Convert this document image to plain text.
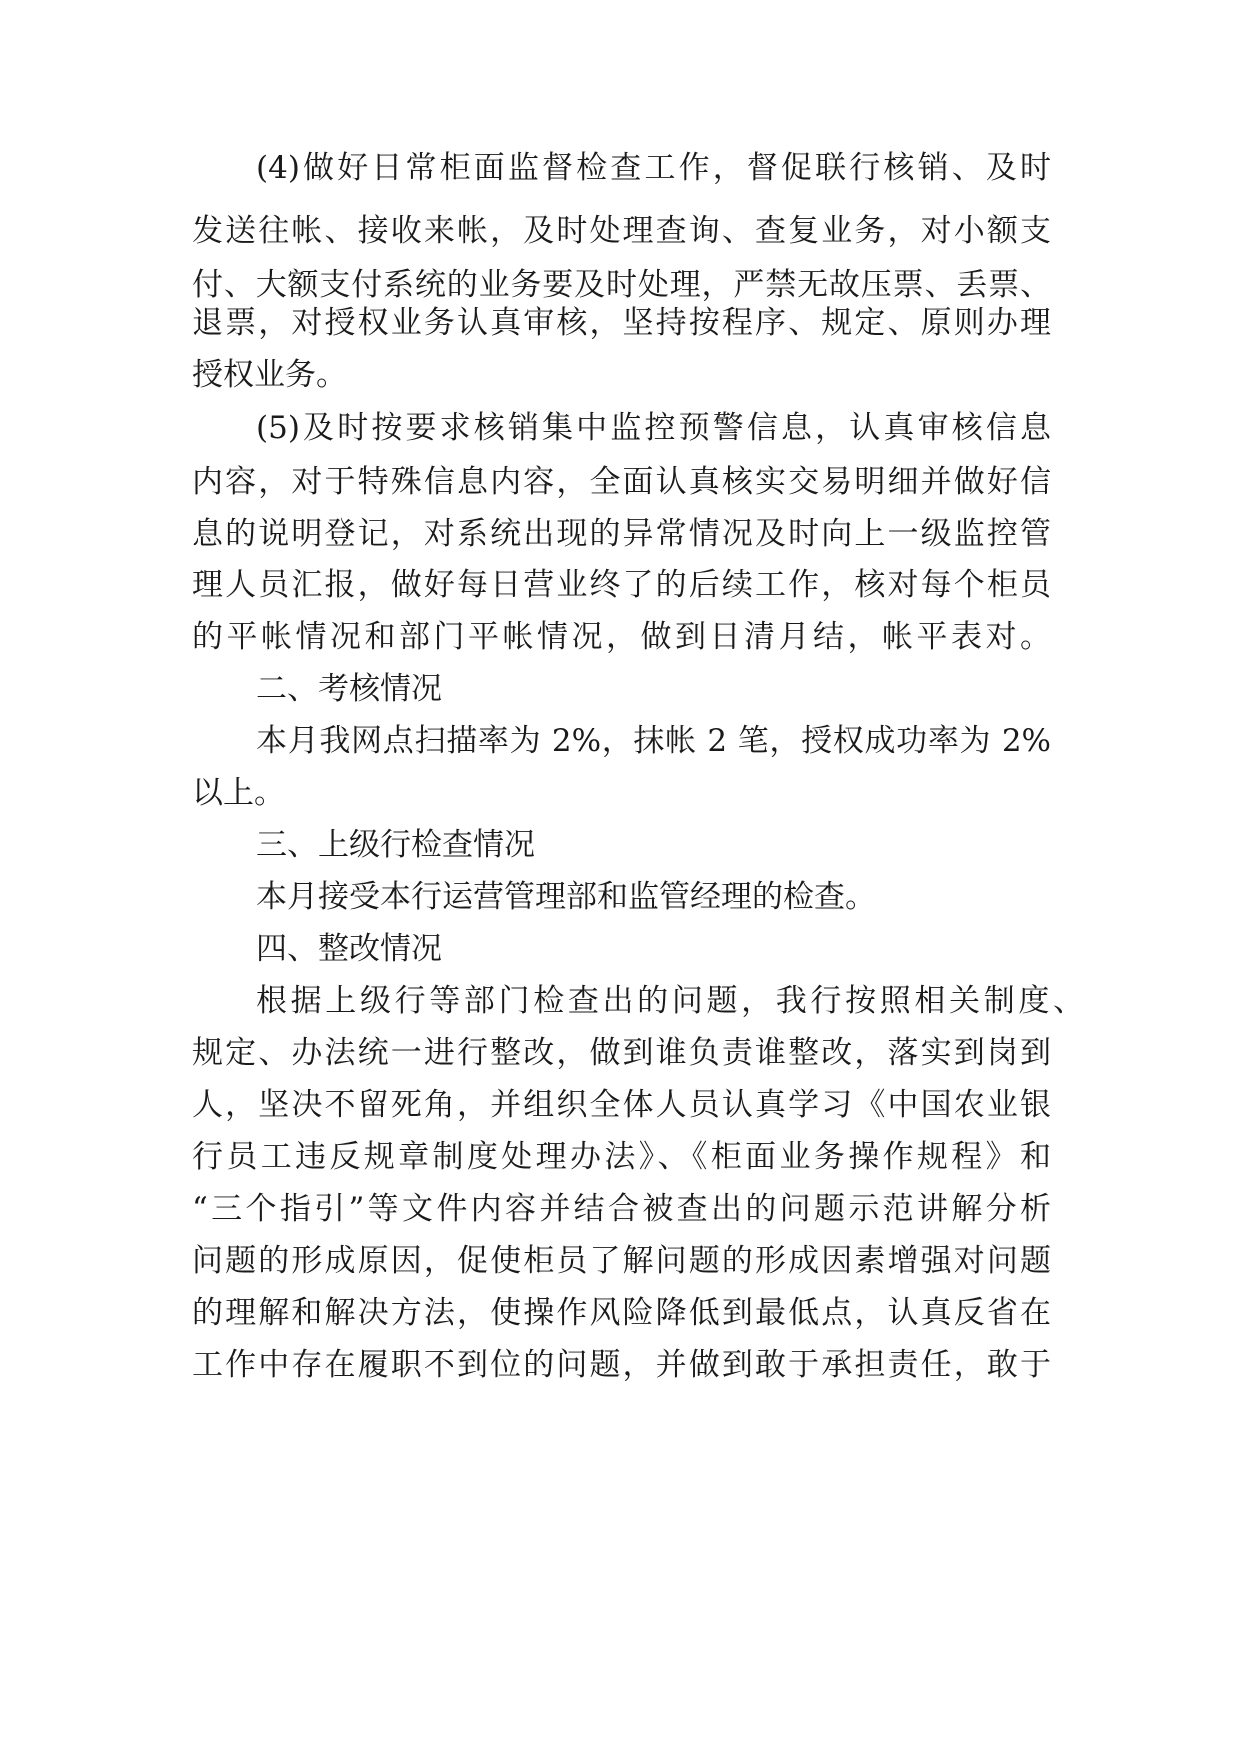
(4)做好日常柜面监督检查工作，督促联行核销、及时
发送往帐、接收来帐，及时处理查询、查复业务，对小额支
付、大额支付系统的业务要及时处理，严禁无故压票、丢票、
退票，对授权业务认真审核，坚持按程序、规定、原则办理
授权业务。
(5)及时按要求核销集中监控预警信息，认真审核信息
内容，对于特殊信息内容，全面认真核实交易明细并做好信
息的说明登记，对系统出现的异常情况及时向上一级监控管
理人员汇报，做好每日营业终了的后续工作，核对每个柜员
的平帐情况和部门平帐情况，做到日清月结，帐平表对。
二、考核情况
本月我网点扫描率为 2%，抹帐 2 笔，授权成功率为 2%
以上。
三、上级行检查情况
本月接受本行运营管理部和监管经理的检查。
四、整改情况
根据上级行等部门检查出的问题，我行按照相关制度、
规定、办法统一进行整改，做到谁负责谁整改，落实到岗到
人，坚决不留死角，并组织全体人员认真学习《中国农业银
行员工违反规章制度处理办法》、《柜面业务操作规程》和
“三个指引”等文件内容并结合被查出的问题示范讲解分析
问题的形成原因，促使柜员了解问题的形成因素增强对问题
的理解和解决方法，使操作风险降低到最低点，认真反省在
工作中存在履职不到位的问题，并做到敢于承担责任，敢于
